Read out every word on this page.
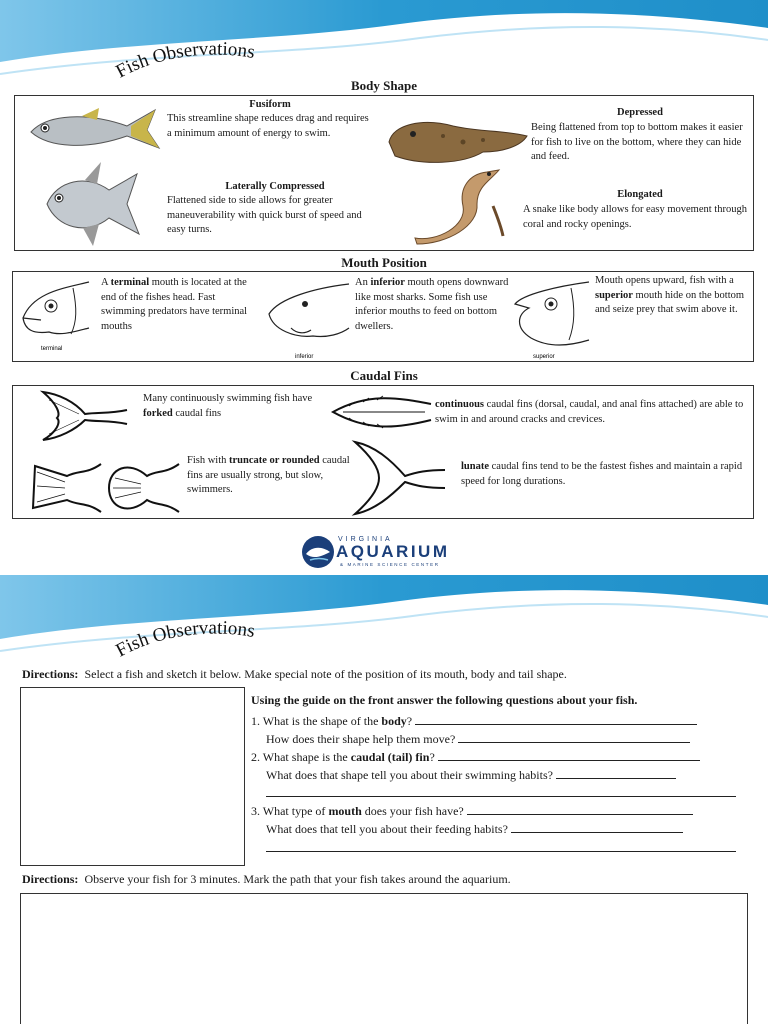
Fish Observations
Body Shape
Fusiform
This streamline shape reduces drag and requires a minimum amount of energy to swim.
Laterally Compressed
Flattened side to side allows for greater maneuverability with quick burst of speed and easy turns.
Depressed
Being flattened from top to bottom makes it easier for fish to live on the bottom, where they can hide and feed.
Elongated
A snake like body allows for easy movement through coral and rocky openings.
Mouth Position
terminal
A terminal mouth is located at the end of the fishes head. Fast swimming predators have terminal mouths
inferior
An inferior mouth opens downward like most sharks. Some fish use inferior mouths to feed on bottom dwellers.
superior
Mouth opens upward, fish with a superior mouth hide on the bottom and seize prey that swim above it.
Caudal Fins
Many continuously swimming fish have forked caudal fins
continuous caudal fins (dorsal, caudal, and anal fins attached) are able to swim in and around cracks and crevices.
Fish with truncate or rounded caudal fins are usually strong, but slow, swimmers.
lunate caudal fins tend to be the fastest fishes and maintain a rapid speed for long durations.
VIRGINIA
AQUARIUM
& MARINE SCIENCE CENTER
Fish Observations
Directions: Select a fish and sketch it below. Make special note of the position of its mouth, body and tail shape.
Using the guide on the front answer the following questions about your fish.
1. What is the shape of the body?
How does their shape help them move?
2. What shape is the caudal (tail) fin?
What does that shape tell you about their swimming habits?
3. What type of mouth does your fish have?
What does that tell you about their feeding habits?
Directions: Observe your fish for 3 minutes. Mark the path that your fish takes around the aquarium.
